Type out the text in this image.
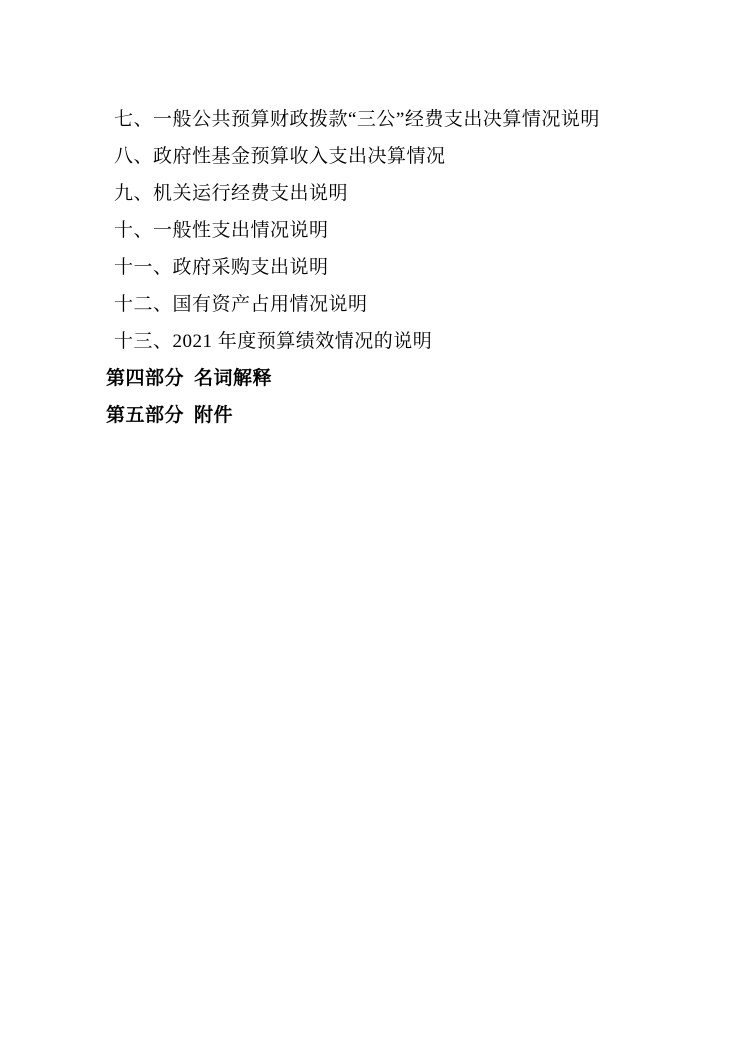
七、一般公共预算财政拨款“三公”经费支出决算情况说明
八、政府性基金预算收入支出决算情况
九、机关运行经费支出说明
十、一般性支出情况说明
十一、政府采购支出说明
十二、国有资产占用情况说明
十三、2021 年度预算绩效情况的说明
第四部分 名词解释
第五部分 附件
